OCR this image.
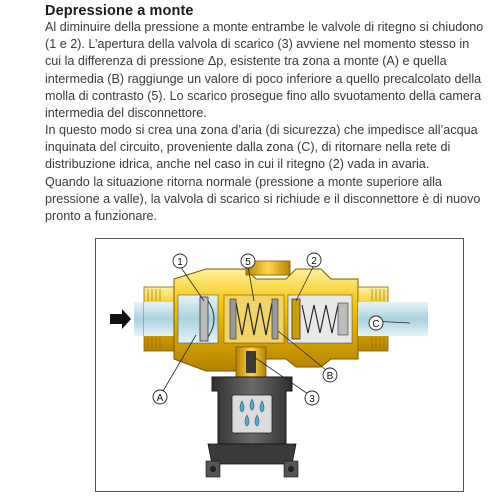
Depressione a monte

Al diminuire della pressione a monte entrambe le valvole di ritegno si chiudono (1 e 2). L’apertura della valvola di scarico (3) avviene nel momento stesso in cui la differenza di pressione Δp, esistente tra zona a monte (A) e quella intermedia (B) raggiunge un valore di poco inferiore a quello precalcolato della molla di contrasto (5). Lo scarico prosegue fino allo svuotamento della camera intermedia del disconnettore.

In questo modo si crea una zona d’aria (di sicurezza) che impedisce all’acqua inquinata del circuito, proveniente dalla zona (C), di ritornare nella rete di distribuzione idrica, anche nel caso in cui il ritegno (2) vada in avaria.

Quando la situazione ritorna normale (pressione a monte superiore alla pressione a valle), la valvola di scarico si richiude e il disconnettore è di nuovo pronto a funzionare.

1	5	2
C
B
3
A
